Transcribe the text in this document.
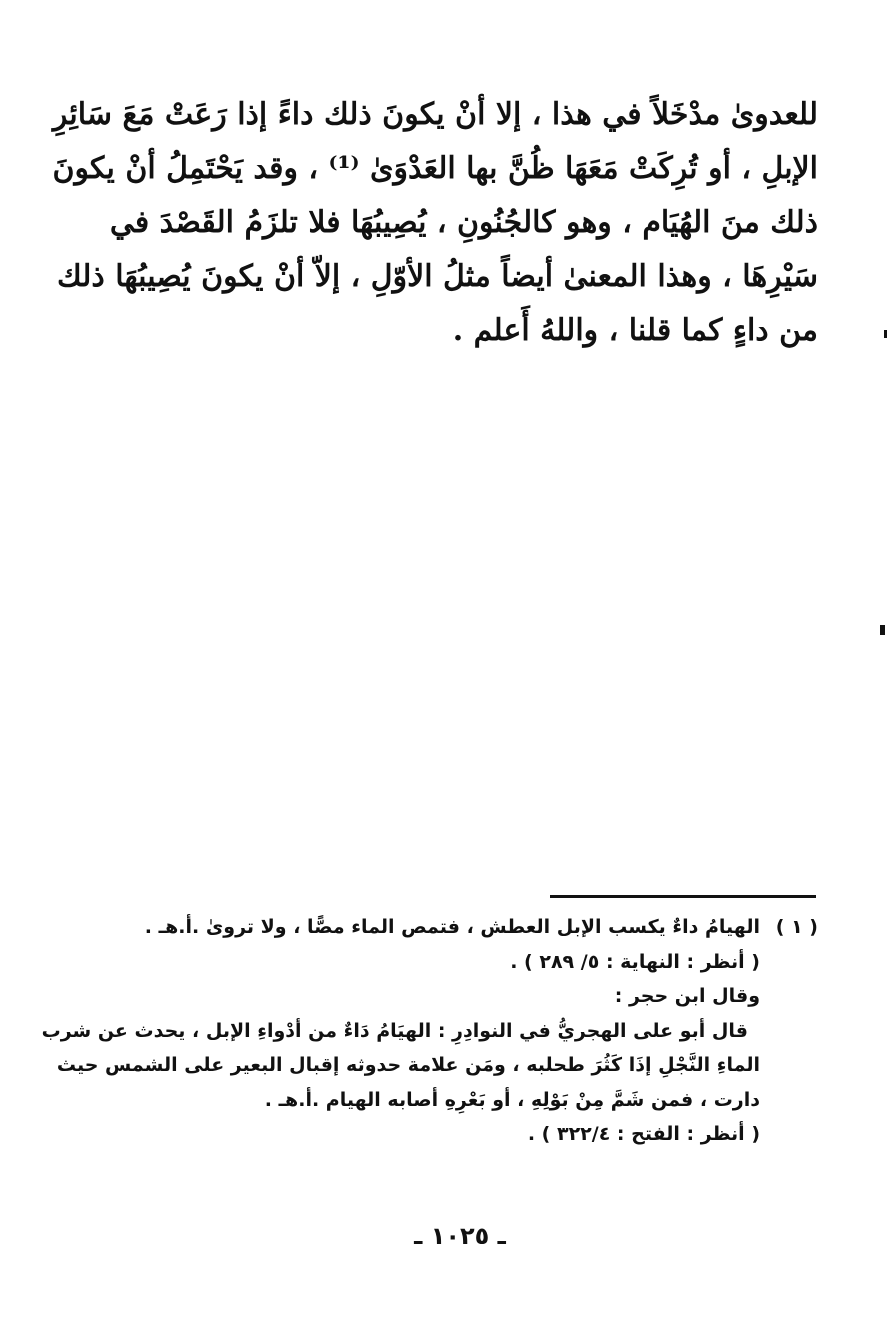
للعدوىٰ مدْخَلاً في هذا ، إلا أنْ يكونَ ذلك داءً إذا رَعَتْ مَعَ سَائِرِ
الإبلِ ، أو تُرِكَتْ مَعَهَا ظُنَّ بها العَدْوَىٰ ⁽¹⁾ ، وقد يَحْتَمِلُ أنْ يكونَ
ذلك منَ الهُيَام ، وهو كالجُنُونِ ، يُصِيبُهَا فلا تلزَمُ القَصْدَ في
سَيْرِهَا ، وهذا المعنىٰ أيضاً مثلُ الأوّلِ ، إلاّ أنْ يكونَ يُصِيبُهَا ذلك
من داءٍ كما قلنا ، واللهُ أَعلم .
( ١ )الهيامُ داءٌ يكسب الإبل العطش ، فتمص الماء مصًّا ، ولا تروىٰ .أ.هـ .
( أنظر : النهاية : ٥/ ٢٨٩ ) .
وقال ابن حجر :
قال أبو على الهجريُّ في النوادِرِ : الهيَامُ دَاءٌ من أدْواءِ الإبل ، يحدث عن شرب
الماءِ النَّجْلِ إذَا كَثُرَ طحلبه ، ومَن علامة حدوثه إقبال البعير على الشمس حيث
دارت ، فمن شَمَّ مِنْ بَوْلِهِ ، أو بَعْرِهِ أصابه الهيام .أ.هـ .
( أنظر : الفتح : ٣٢٢/٤ ) .
ـ ١٠٢٥ ـ
